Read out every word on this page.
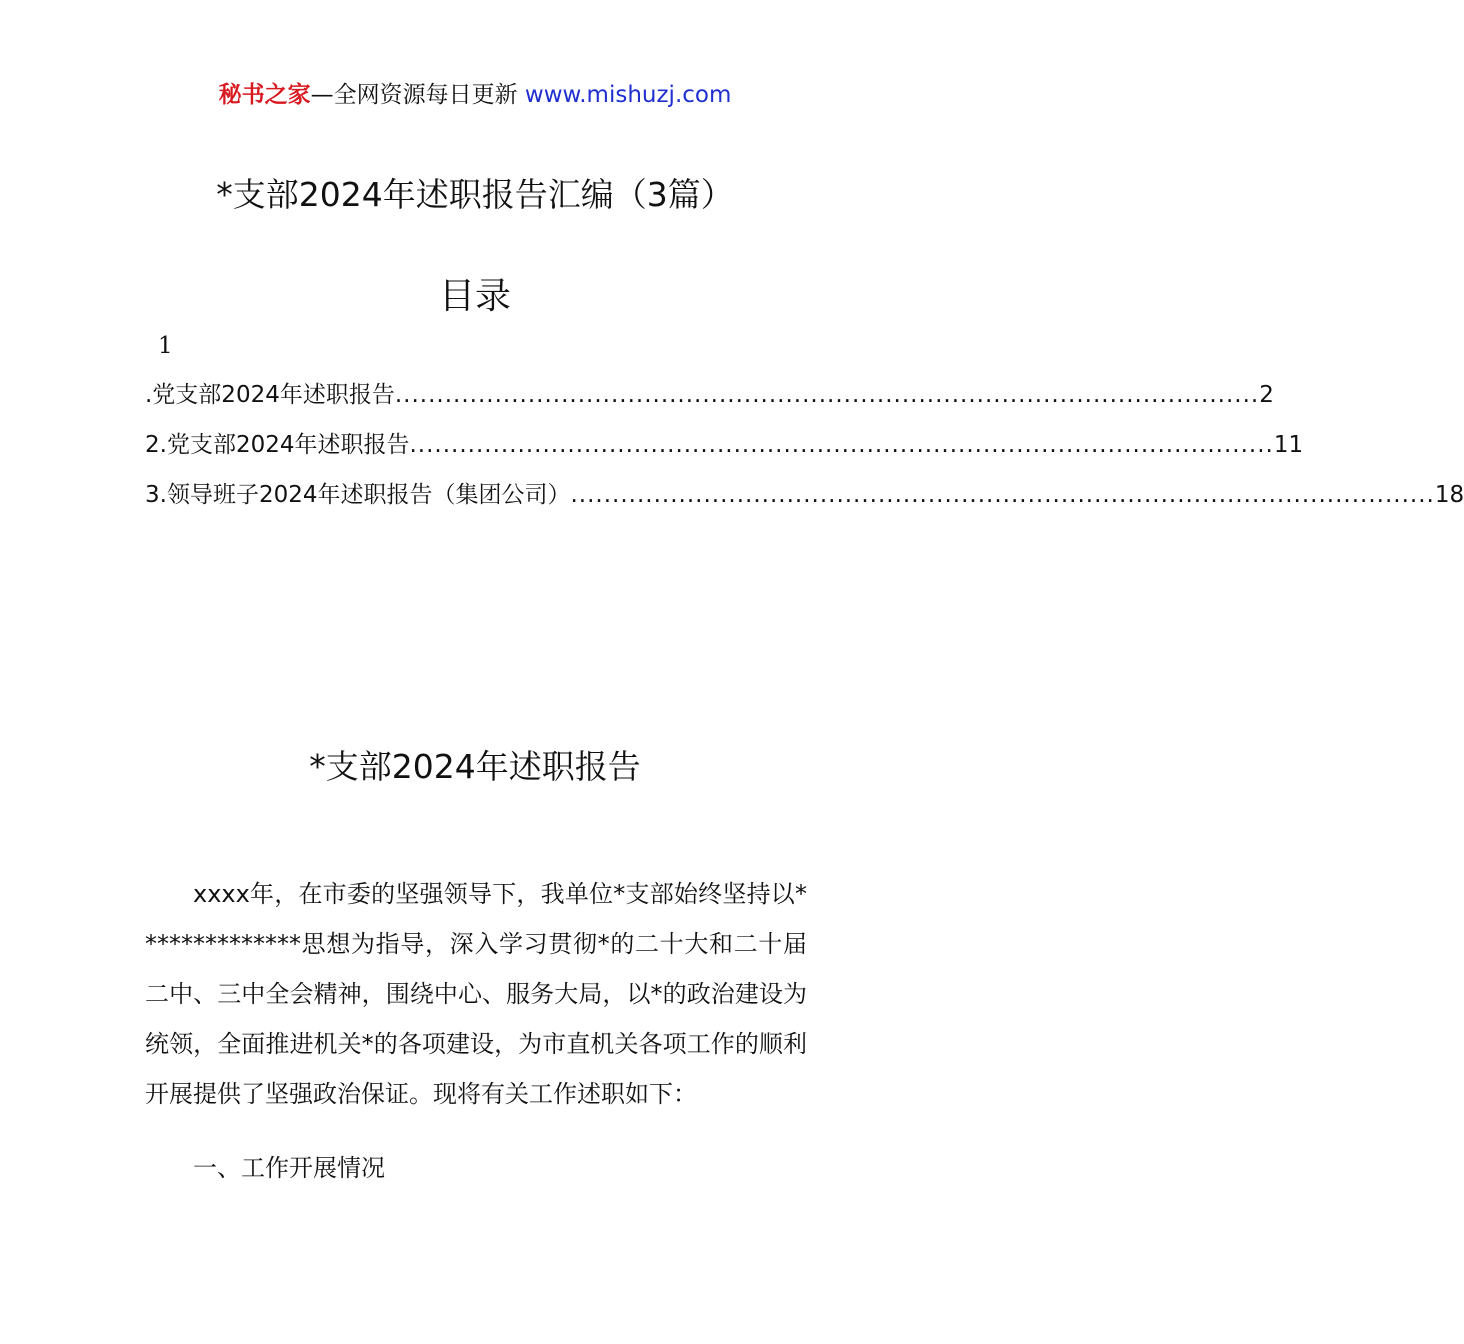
秘书之家—全网资源每日更新 www.mishuzj.com
*支部2024年述职报告汇编（3篇）
目录
1
.党支部2024年述职报告 ........................................................................................................ 2
2.党支部2024年述职报告 ........................................................................................................ 11
3.领导班子2024年述职报告（集团公司） ........................................................................................................ 18
*支部2024年述职报告

xxxx年，在市委的坚强领导下，我单位*支部始终坚持以**************思想为指导，深入学习贯彻*的二十大和二十届二中、三中全会精神，围绕中心、服务大局，以*的政治建设为统领，全面推进机关*的各项建设，为市直机关各项工作的顺利开展提供了坚强政治保证。现将有关工作述职如下：

一、工作开展情况
